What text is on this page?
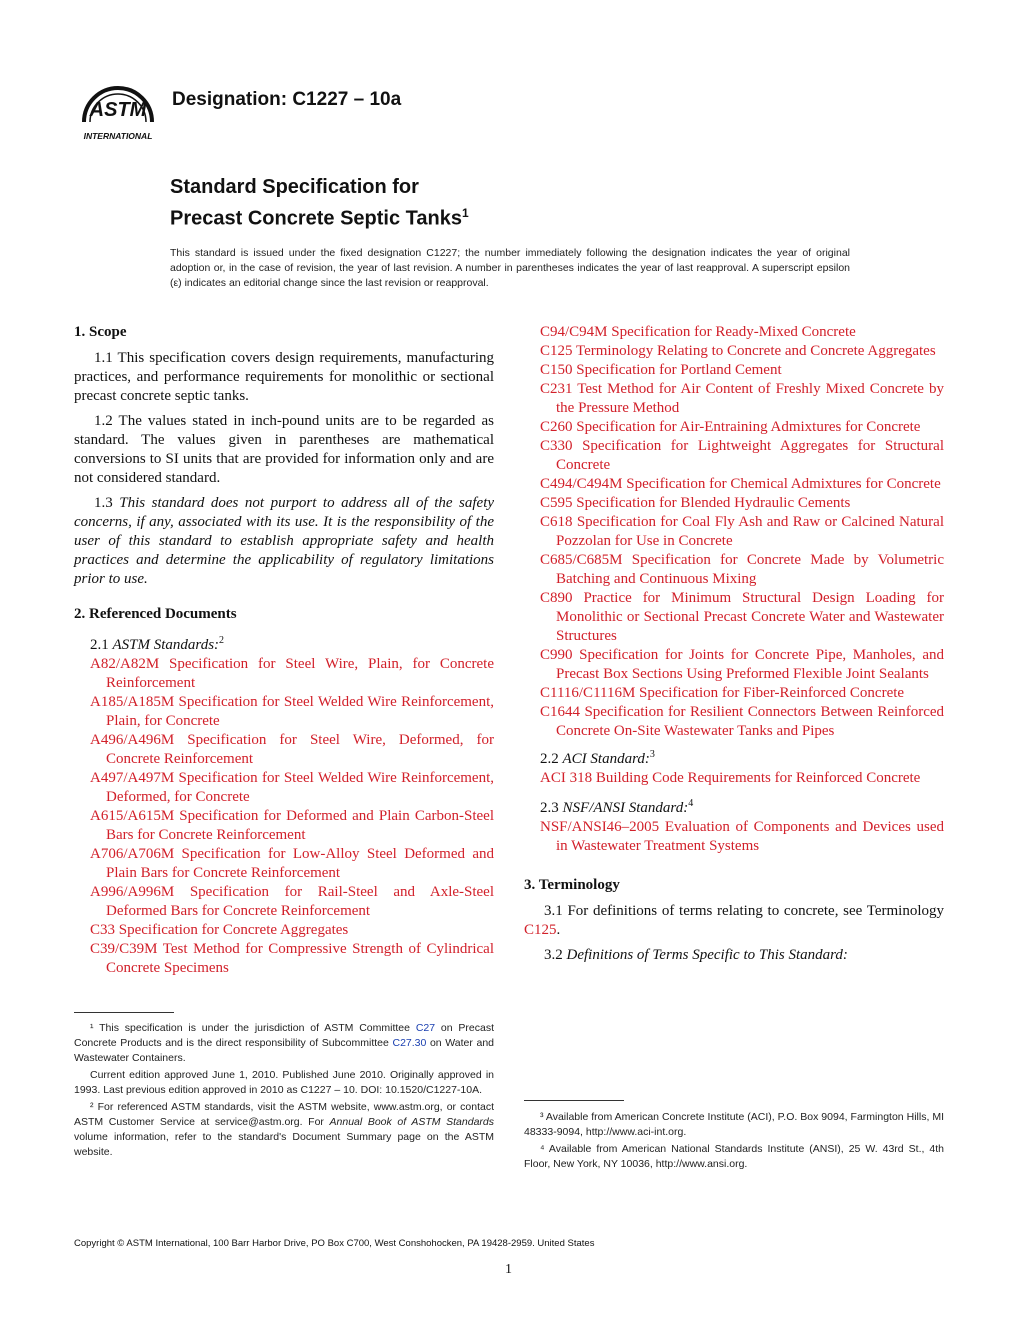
ASTM
INTERNATIONAL
Designation: C1227 – 10a
Standard Specification for
Precast Concrete Septic Tanks$^1$
This standard is issued under the fixed designation C1227; the number immediately following the designation indicates the year of original adoption or, in the case of revision, the year of last revision. A number in parentheses indicates the year of last reapproval. A superscript epsilon (ε) indicates an editorial change since the last revision or reapproval.
1. Scope

1.1 This specification covers design requirements, manufacturing practices, and performance requirements for monolithic or sectional precast concrete septic tanks.

1.2 The values stated in inch-pound units are to be regarded as standard. The values given in parentheses are mathematical conversions to SI units that are provided for information only and are not considered standard.

1.3 This standard does not purport to address all of the safety concerns, if any, associated with its use. It is the responsibility of the user of this standard to establish appropriate safety and health practices and determine the applicability of regulatory limitations prior to use.

2. Referenced Documents

2.1 ASTM Standards:$^2$

A82/A82M Specification for Steel Wire, Plain, for Concrete Reinforcement

A185/A185M Specification for Steel Welded Wire Reinforcement, Plain, for Concrete

A496/A496M Specification for Steel Wire, Deformed, for Concrete Reinforcement

A497/A497M Specification for Steel Welded Wire Reinforcement, Deformed, for Concrete

A615/A615M Specification for Deformed and Plain Carbon-Steel Bars for Concrete Reinforcement

A706/A706M Specification for Low-Alloy Steel Deformed and Plain Bars for Concrete Reinforcement

A996/A996M Specification for Rail-Steel and Axle-Steel Deformed Bars for Concrete Reinforcement

C33 Specification for Concrete Aggregates

C39/C39M Test Method for Compressive Strength of Cylindrical Concrete Specimens

C94/C94M Specification for Ready-Mixed Concrete

C125 Terminology Relating to Concrete and Concrete Aggregates

C150 Specification for Portland Cement

C231 Test Method for Air Content of Freshly Mixed Concrete by the Pressure Method

C260 Specification for Air-Entraining Admixtures for Concrete

C330 Specification for Lightweight Aggregates for Structural Concrete

C494/C494M Specification for Chemical Admixtures for Concrete

C595 Specification for Blended Hydraulic Cements

C618 Specification for Coal Fly Ash and Raw or Calcined Natural Pozzolan for Use in Concrete

C685/C685M Specification for Concrete Made by Volumetric Batching and Continuous Mixing

C890 Practice for Minimum Structural Design Loading for Monolithic or Sectional Precast Concrete Water and Wastewater Structures

C990 Specification for Joints for Concrete Pipe, Manholes, and Precast Box Sections Using Preformed Flexible Joint Sealants

C1116/C1116M Specification for Fiber-Reinforced Concrete

C1644 Specification for Resilient Connectors Between Reinforced Concrete On-Site Wastewater Tanks and Pipes

2.2 ACI Standard:$^3$

ACI 318 Building Code Requirements for Reinforced Concrete

2.3 NSF/ANSI Standard:$^4$

NSF/ANSI46–2005 Evaluation of Components and Devices used in Wastewater Treatment Systems

3. Terminology

3.1 For definitions of terms relating to concrete, see Terminology C125.

3.2 Definitions of Terms Specific to This Standard:

¹ This specification is under the jurisdiction of ASTM Committee C27 on Precast Concrete Products and is the direct responsibility of Subcommittee C27.30 on Water and Wastewater Containers.

Current edition approved June 1, 2010. Published June 2010. Originally approved in 1993. Last previous edition approved in 2010 as C1227 – 10. DOI: 10.1520/C1227-10A.

² For referenced ASTM standards, visit the ASTM website, www.astm.org, or contact ASTM Customer Service at service@astm.org. For Annual Book of ASTM Standards volume information, refer to the standard's Document Summary page on the ASTM website.

³ Available from American Concrete Institute (ACI), P.O. Box 9094, Farmington Hills, MI 48333-9094, http://www.aci-int.org.

⁴ Available from American National Standards Institute (ANSI), 25 W. 43rd St., 4th Floor, New York, NY 10036, http://www.ansi.org.

Copyright © ASTM International, 100 Barr Harbor Drive, PO Box C700, West Conshohocken, PA 19428-2959. United States
1
